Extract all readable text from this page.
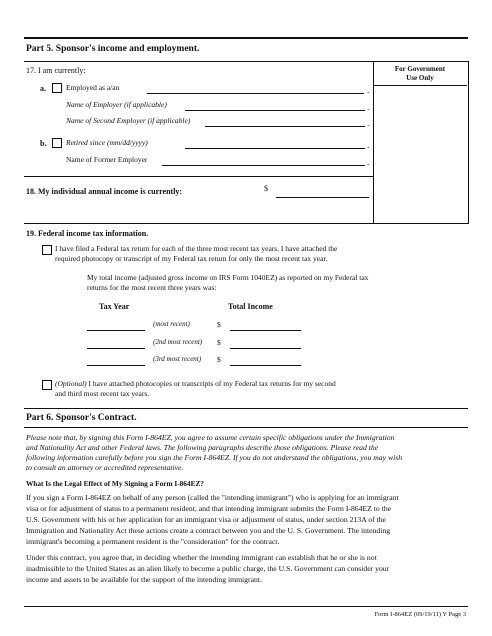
Part 5. Sponsor's income and employment.
For Government
Use Only
17. I am currently:
a.	Employed as a/an	.
Name of Employer (if applicable)	.
Name of Second Employer (if applicable)	.
b.	Retired since (mm/dd/yyyy)	.
Name of Former Employer	.
18. My individual annual income is currently:	$
19. Federal income tax information.
I have filed a Federal tax return for each of the three most recent tax years. I have attached the
required photocopy or transcript of my Federal tax return for only the most recent tax year.
My total income (adjusted gross income on IRS Form 1040EZ) as reported on my Federal tax
returns for the most recent three years was:
Tax Year	Total Income
(most recent)	$
(2nd most recent) $
(3rd most recent) $
(Optional) I have attached photocopies or transcripts of my Federal tax returns for my second
and third most recent tax years.
Part 6. Sponsor's Contract.
Please note that, by signing this Form I-864EZ, you agree to assume certain specific obligations under the Immigration
and Nationality Act and other Federal laws. The following paragraphs describe those obligations. Please read the
following information carefully before you sign the Form I-864EZ. If you do not understand the obligations, you may wish
to consult an attorney or accredited representative.
What Is the Legal Effect of My Signing a Form I-864EZ?
If you sign a Form I-864EZ on behalf of any person (called the "intending immigrant") who is applying for an immigrant
visa or for adjustment of status to a permanent resident, and that intending immigrant submits the Form I-864EZ to the
U.S. Government with his or her application for an immigrant visa or adjustment of status, under section 213A of the
Immigration and Nationality Act these actions create a contract between you and the U. S. Government. The intending
immigrant's becoming a permanent resident is the "consideration" for the contract.
Under this contract, you agree that, in deciding whether the intending immigrant can establish that he or she is not
inadmissible to the United States as an alien likely to become a public charge, the U.S. Government can consider your
income and assets to be available for the support of the intending immigrant.
Form I-864EZ (09/19/11) Y Page 3
